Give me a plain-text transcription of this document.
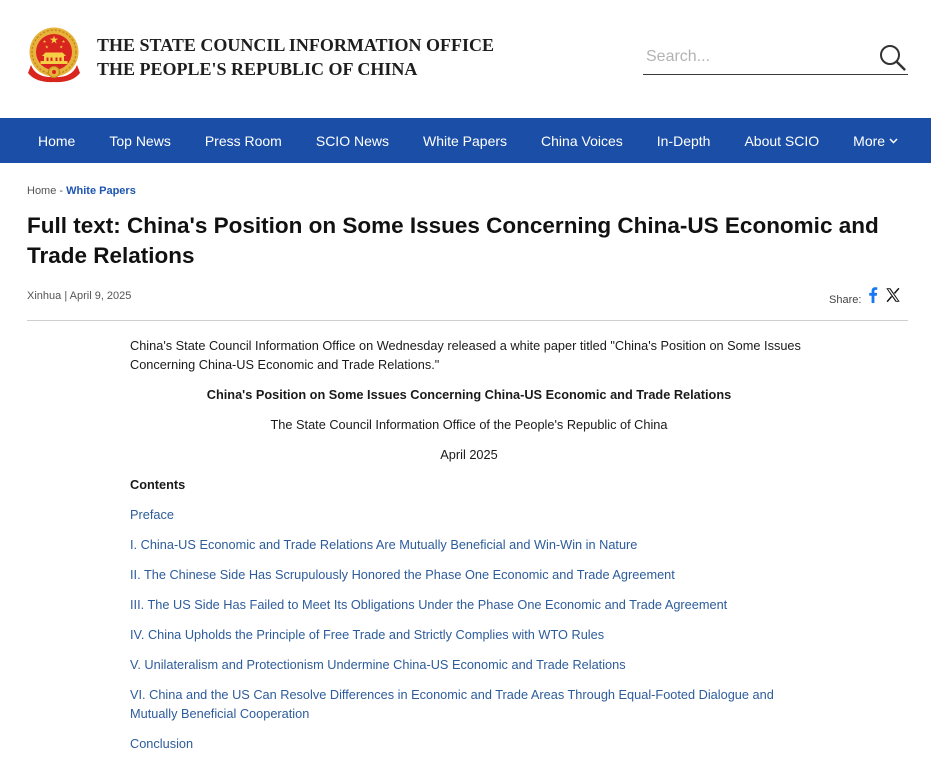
THE STATE COUNCIL INFORMATION OFFICE
THE PEOPLE'S REPUBLIC OF CHINA
Search...
Home	Top News	Press Room	SCIO News	White Papers	China Voices	In-Depth	About SCIO	More
Home - White Papers
Full text: China's Position on Some Issues Concerning China-US Economic and Trade Relations
Xinhua | April 9, 2025	Share:

China's State Council Information Office on Wednesday released a white paper titled "China's Position on Some Issues Concerning China-US Economic and Trade Relations."

China's Position on Some Issues Concerning China-US Economic and Trade Relations

The State Council Information Office of the People's Republic of China

April 2025

Contents

Preface

I. China-US Economic and Trade Relations Are Mutually Beneficial and Win-Win in Nature

II. The Chinese Side Has Scrupulously Honored the Phase One Economic and Trade Agreement

III. The US Side Has Failed to Meet Its Obligations Under the Phase One Economic and Trade Agreement

IV. China Upholds the Principle of Free Trade and Strictly Complies with WTO Rules

V. Unilateralism and Protectionism Undermine China-US Economic and Trade Relations

VI. China and the US Can Resolve Differences in Economic and Trade Areas Through Equal-Footed Dialogue and Mutually Beneficial Cooperation

Conclusion
